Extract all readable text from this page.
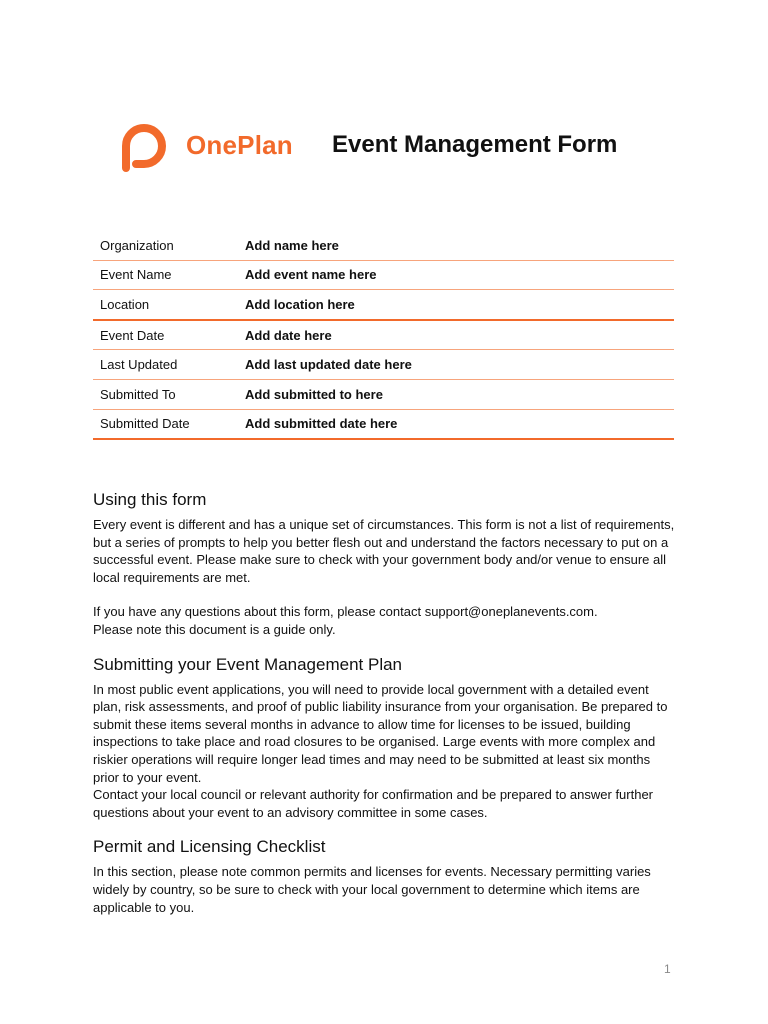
OnePlan Event Management Form
Organization	Add name here
Event Name	Add event name here
Location	Add location here
Event Date	Add date here
Last Updated	Add last updated date here
Submitted To	Add submitted to here
Submitted Date	Add submitted date here
Using this form

Every event is different and has a unique set of circumstances. This form is not a list of requirements, but a series of prompts to help you better flesh out and understand the factors necessary to put on a successful event. Please make sure to check with your government body and/or venue to ensure all local requirements are met.

If you have any questions about this form, please contact support@oneplanevents.com.
Please note this document is a guide only.

Submitting your Event Management Plan

In most public event applications, you will need to provide local government with a detailed event plan, risk assessments, and proof of public liability insurance from your organisation. Be prepared to submit these items several months in advance to allow time for licenses to be issued, building inspections to take place and road closures to be organised. Large events with more complex and riskier operations will require longer lead times and may need to be submitted at least six months prior to your event.

Contact your local council or relevant authority for confirmation and be prepared to answer further questions about your event to an advisory committee in some cases.

Permit and Licensing Checklist

In this section, please note common permits and licenses for events. Necessary permitting varies widely by country, so be sure to check with your local government to determine which items are applicable to you.

1
